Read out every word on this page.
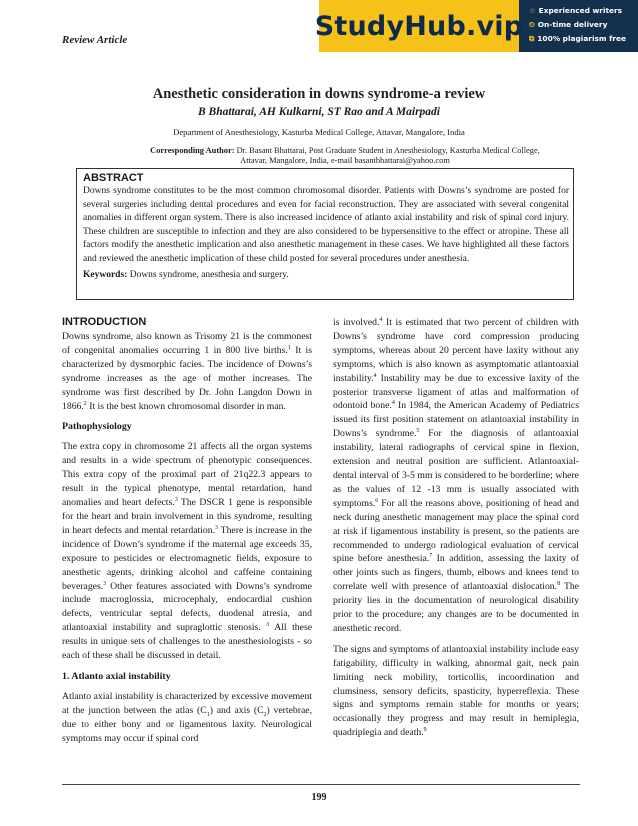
Review Article	StudyHub.vip ☆ Experienced writers
⏲ On-time delivery
⧉ 100% plagiarism free
Anesthetic consideration in downs syndrome-a review
B Bhattarai, AH Kulkarni, ST Rao and A Mairpadi
Department of Anesthesiology, Kasturba Medical College, Attavar, Mangalore, India
Corresponding Author: Dr. Basant Bhattarai, Post Graduate Student in Anesthesiology, Kasturba Medical College,
Attavar, Mangalore, India, e-mail basantbhattarai@yahoo.com
ABSTRACT

Downs syndrome constitutes to be the most common chromosomal disorder. Patients with Downs’s syndrome are posted for several surgeries including dental procedures and even for facial reconstruction. They are associated with several congenital anomalies in different organ system. There is also increased incidence of atlanto axial instability and risk of spinal cord injury. These children are susceptible to infection and they are also considered to be hypersensitive to the effect or atropine. These all factors modify the anesthetic implication and also anesthetic management in these cases. We have highlighted all these factors and reviewed the anesthetic implication of these child posted for several procedures under anesthesia.

Keywords: Downs syndrome, anesthesia and surgery.

INTRODUCTION

Downs syndrome, also known as Trisomy 21 is the commonest of congenital anomalies occurring 1 in 800 live births.$^1$ It is characterized by dysmorphic facies. The incidence of Downs’s syndrome increases as the age of mother increases. The syndrome was first described by Dr. John Langdon Down in 1866.$^2$ It is the best known chromosomal disorder in man.

Pathophysiology

The extra copy in chromosome 21 affects all the organ systems and results in a wide spectrum of phenotypic consequences. This extra copy of the proximal part of 21q22.3 appears to result in the typical phenotype, mental retardation, hand anomalies and heart defects.$^3$ The DSCR 1 gene is responsible for the heart and brain involvement in this syndrome, resulting in heart defects and mental retardation.$^3$ There is increase in the incidence of Down’s syndrome if the maternal age exceeds 35, exposure to pesticides or electromagnetic fields, exposure to anesthetic agents, drinking alcohol and caffeine containing beverages.$^3$ Other features associated with Downs’s syndrome include macroglossia, microcephaly, endocardial cushion defects, ventricular septal defects, duodenal atresia, and atlantoaxial instability and supraglottic stenosis. $^3$ All these results in unique sets of challenges to the anesthesiologists - so each of these shall be discussed in detail.

1. Atlanto axial instability

Atlanto axial instability is characterized by excessive movement at the junction between the atlas $(C_1)$ and axis $(C_2)$ vertebrae, due to either bony and or ligamentous laxity. Neurological symptoms may occur if spinal cord

is involved.$^4$ It is estimated that two percent of children with Downs’s syndrome have cord compression producing symptoms, whereas about 20 percent have laxity without any symptoms, which is also known as asymptomatic atlantoaxial instability.$^4$ Instability may be due to excessive laxity of the posterior transverse ligament of atlas and malformation of odontoid bone.$^4$ In 1984, the American Academy of Pediatrics issued its first position statement on atlantoaxial instability in Downs’s syndrome.$^5$ For the diagnosis of atlantoaxial instability, lateral radiographs of cervical spine in flexion, extension and neutral position are sufficient. Atlantoaxial-dental interval of 3-5 mm is considered to be borderline; where as the values of 12 -13 mm is usually associated with symptoms.$^6$ For all the reasons above, positioning of head and neck during anesthetic management may place the spinal cord at risk if ligamentous instability is present, so the patients are recommended to undergo radiological evaluation of cervical spine before anesthesia.$^7$ In addition, assessing the laxity of other joints such as fingers, thumb, elbows and knees tend to correlate well with presence of atlantoaxial dislocation.$^8$ The priority lies in the documentation of neurological disability prior to the procedure; any changes are to be documented in anesthetic record.

The signs and symptoms of atlantoaxial instability include easy fatigability, difficulty in walking, abnormal gait, neck pain limiting neck mobility, torticollis, incoordination and clumsiness, sensory deficits, spasticity, hyperreflexia. These signs and symptoms remain stable for months or years; occasionally they progress and may result in hemiplegia, quadriplegia and death.$^9$

199
